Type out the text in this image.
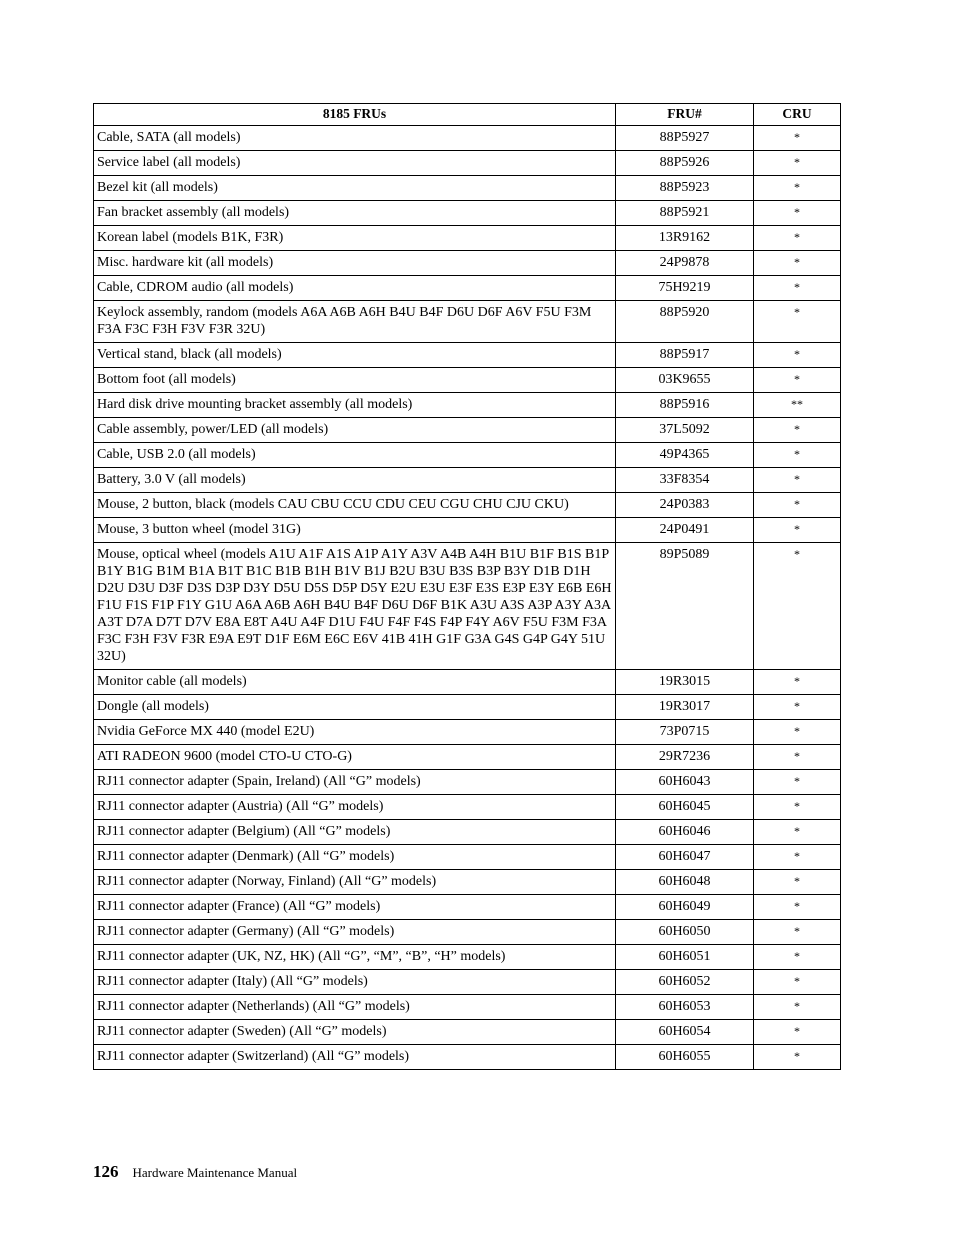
8185 FRUs	FRU#	CRU
Cable, SATA (all models)	88P5927	*
Service label (all models)	88P5926	*
Bezel kit (all models)	88P5923	*
Fan bracket assembly (all models)	88P5921	*
Korean label (models B1K, F3R)	13R9162	*
Misc. hardware kit (all models)	24P9878	*
Cable, CDROM audio (all models)	75H9219	*
Keylock assembly, random (models A6A A6B A6H B4U B4F D6U D6F A6V F5U F3M F3A F3C F3H F3V F3R 32U)	88P5920	*
Vertical stand, black (all models)	88P5917	*
Bottom foot (all models)	03K9655	*
Hard disk drive mounting bracket assembly (all models)	88P5916	**
Cable assembly, power/LED (all models)	37L5092	*
Cable, USB 2.0 (all models)	49P4365	*
Battery, 3.0 V (all models)	33F8354	*
Mouse, 2 button, black (models CAU CBU CCU CDU CEU CGU CHU CJU CKU)	24P0383	*
Mouse, 3 button wheel (model 31G)	24P0491	*
Mouse, optical wheel (models A1U A1F A1S A1P A1Y A3V A4B A4H B1U B1F B1S B1P B1Y B1G B1M B1A B1T B1C B1B B1H B1V B1J B2U B3U B3S B3P B3Y D1B D1H D2U D3U D3F D3S D3P D3Y D5U D5S D5P D5Y E2U E3U E3F E3S E3P E3Y E6B E6H F1U F1S F1P F1Y G1U A6A A6B A6H B4U B4F D6U D6F B1K A3U A3S A3P A3Y A3A A3T D7A D7T D7V E8A E8T A4U A4F D1U F4U F4F F4S F4P F4Y A6V F5U F3M F3A F3C F3H F3V F3R E9A E9T D1F E6M E6C E6V 41B 41H G1F G3A G4S G4P G4Y 51U 32U)	89P5089	*
Monitor cable (all models)	19R3015	*
Dongle (all models)	19R3017	*
Nvidia GeForce MX 440 (model E2U)	73P0715	*
ATI RADEON 9600 (model CTO-U CTO-G)	29R7236	*
RJ11 connector adapter (Spain, Ireland) (All “G” models)	60H6043	*
RJ11 connector adapter (Austria) (All “G” models)	60H6045	*
RJ11 connector adapter (Belgium) (All “G” models)	60H6046	*
RJ11 connector adapter (Denmark) (All “G” models)	60H6047	*
RJ11 connector adapter (Norway, Finland) (All “G” models)	60H6048	*
RJ11 connector adapter (France) (All “G” models)	60H6049	*
RJ11 connector adapter (Germany) (All “G” models)	60H6050	*
RJ11 connector adapter (UK, NZ, HK) (All “G”, “M”, “B”, “H” models)	60H6051	*
RJ11 connector adapter (Italy) (All “G” models)	60H6052	*
RJ11 connector adapter (Netherlands) (All “G” models)	60H6053	*
RJ11 connector adapter (Sweden) (All “G” models)	60H6054	*
RJ11 connector adapter (Switzerland) (All “G” models)	60H6055	*
126 Hardware Maintenance Manual
